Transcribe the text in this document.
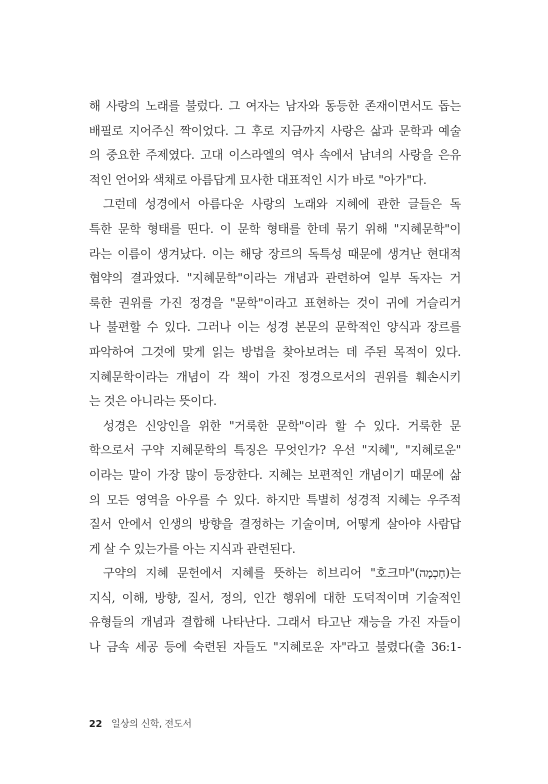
해 사랑의 노래를 불렀다. 그 여자는 남자와 동등한 존재이면서도 돕는
배필로 지어주신 짝이었다. 그 후로 지금까지 사랑은 삶과 문학과 예술
의 중요한 주제였다. 고대 이스라엘의 역사 속에서 남녀의 사랑을 은유
적인 언어와 색채로 아름답게 묘사한 대표적인 시가 바로 "아가"다.
그런데 성경에서 아름다운 사랑의 노래와 지혜에 관한 글들은 독
특한 문학 형태를 띤다. 이 문학 형태를 한데 묶기 위해 "지혜문학"이
라는 이름이 생겨났다. 이는 해당 장르의 독특성 때문에 생겨난 현대적
협약의 결과였다. "지혜문학"이라는 개념과 관련하여 일부 독자는 거
룩한 권위를 가진 정경을 "문학"이라고 표현하는 것이 귀에 거슬리거
나 불편할 수 있다. 그러나 이는 성경 본문의 문학적인 양식과 장르를
파악하여 그것에 맞게 읽는 방법을 찾아보려는 데 주된 목적이 있다.
지혜문학이라는 개념이 각 책이 가진 정경으로서의 권위를 훼손시키
는 것은 아니라는 뜻이다.
성경은 신앙인을 위한 "거룩한 문학"이라 할 수 있다. 거룩한 문
학으로서 구약 지혜문학의 특징은 무엇인가? 우선 "지혜", "지혜로운"
이라는 말이 가장 많이 등장한다. 지혜는 보편적인 개념이기 때문에 삶
의 모든 영역을 아우를 수 있다. 하지만 특별히 성경적 지혜는 우주적
질서 안에서 인생의 방향을 결정하는 기술이며, 어떻게 살아야 사람답
게 살 수 있는가를 아는 지식과 관련된다.
구약의 지혜 문헌에서 지혜를 뜻하는 히브리어 "호크마"(חָכְמָה)는
지식, 이해, 방향, 질서, 정의, 인간 행위에 대한 도덕적이며 기술적인
유형들의 개념과 결합해 나타난다. 그래서 타고난 재능을 가진 자들이
나 금속 세공 등에 숙련된 자들도 "지혜로운 자"라고 불렸다(출 36:1-
22 일상의 신학, 전도서
